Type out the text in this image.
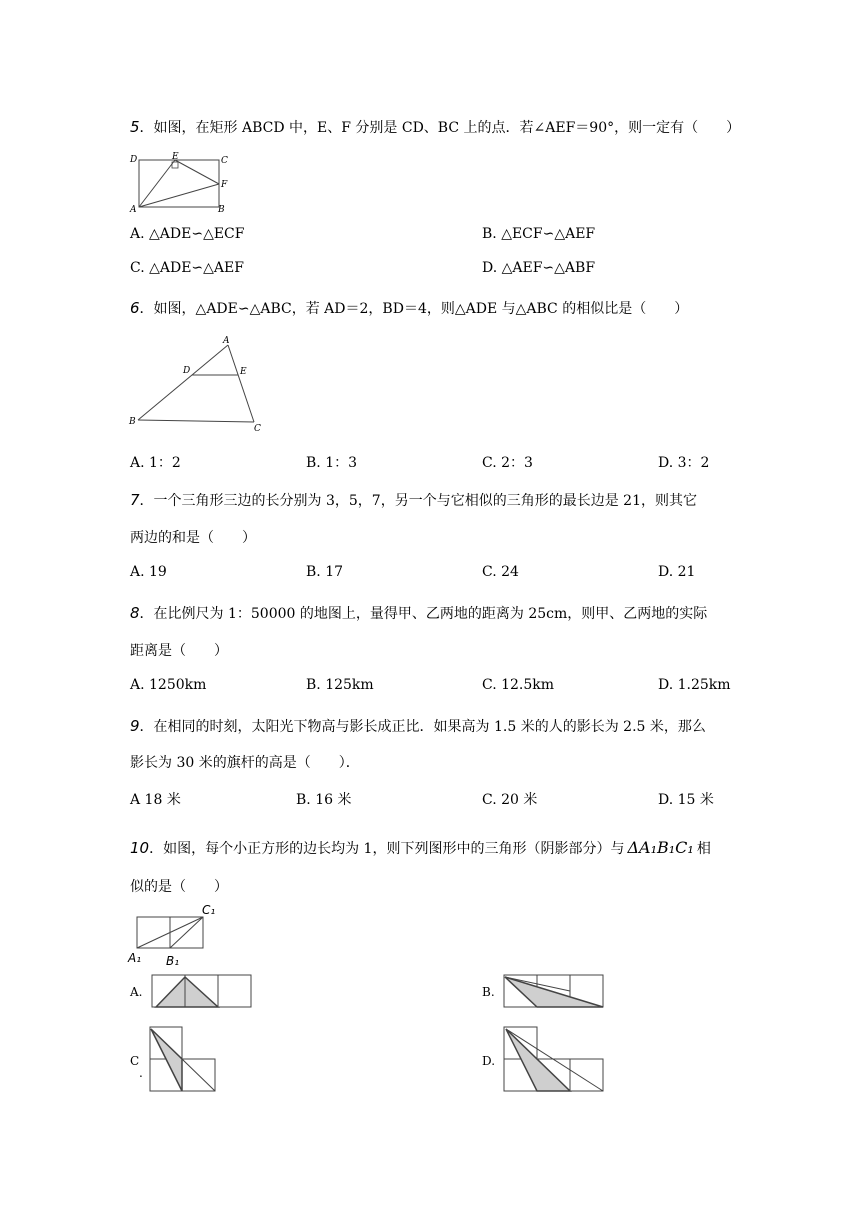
5．如图，在矩形 ABCD 中，E、F 分别是 CD、BC 上的点．若∠AEF＝90°，则一定有（　　）
D	E	C
F
A	B
A. △ADE∽△ECF	B. △ECF∽△AEF
C. △ADE∽△AEF	D. △AEF∽△ABF
6．如图，△ADE∽△ABC，若 AD＝2，BD＝4，则△ADE 与△ABC 的相似比是（　　）
A
D	E
B
C
A. 1：2	B. 1：3	C. 2：3	D. 3：2
7．一个三角形三边的长分别为 3，5，7，另一个与它相似的三角形的最长边是 21，则其它
两边的和是（　　）
A. 19	B. 17	C. 24	D. 21
8．在比例尺为 1：50000 的地图上，量得甲、乙两地的距离为 25cm，则甲、乙两地的实际
距离是（　　）
A. 1250km	B. 125km	C. 12.5km	D. 1.25km
9．在相同的时刻，太阳光下物高与影长成正比．如果高为 1.5 米的人的影长为 2.5 米，那么
影长为 30 米的旗杆的高是（　　）．
A 18 米	B. 16 米	C. 20 米	D. 15 米
10．如图，每个小正方形的边长均为 1，则下列图形中的三角形（阴影部分）与 ΔA₁B₁C₁ 相
似的是（　　）
C₁
A₁ B₁
A.	B.
C
.
D.
